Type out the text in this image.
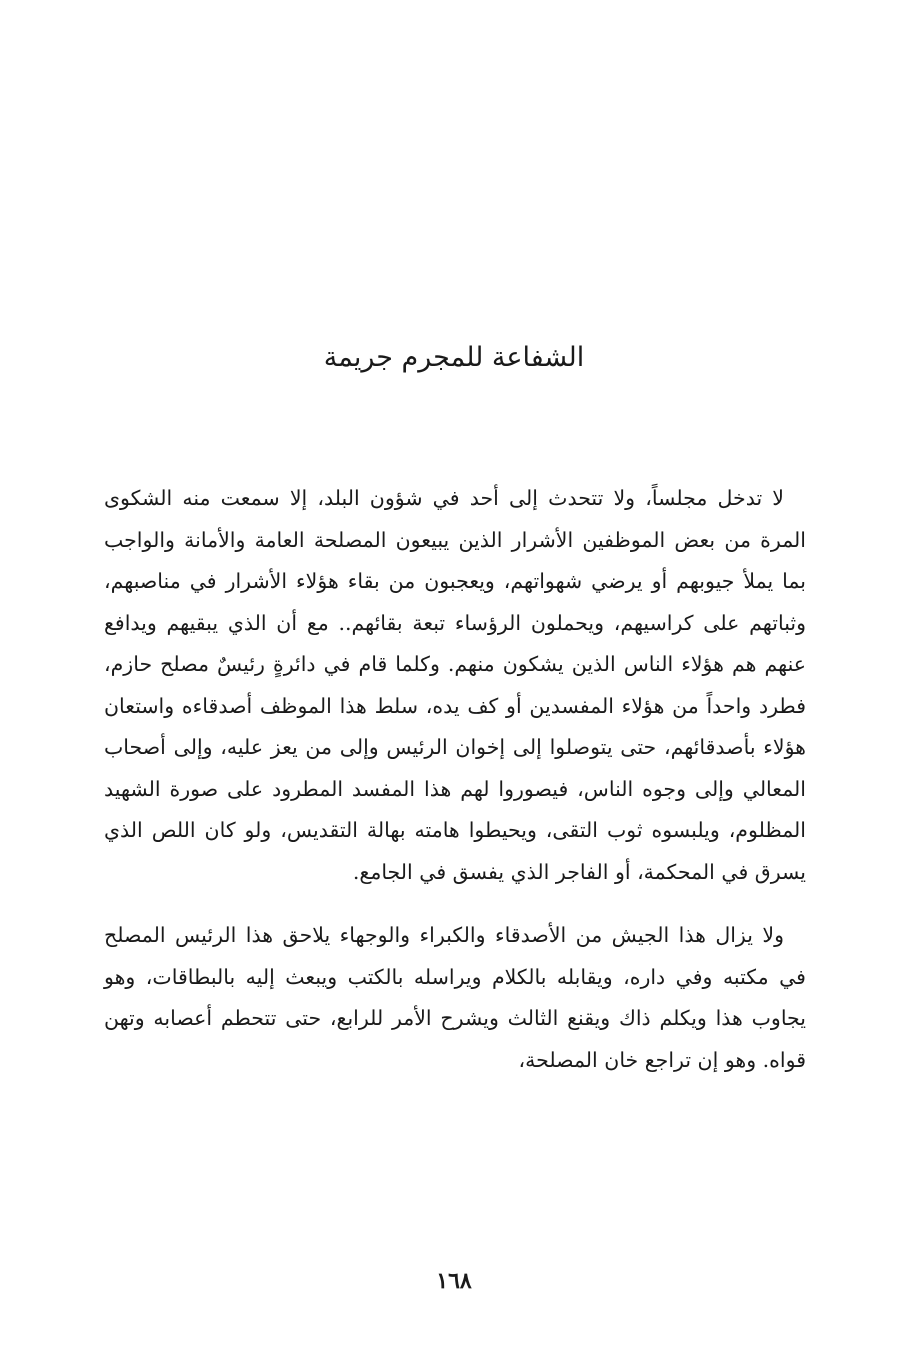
الشفاعة للمجرم جريمة

لا تدخل مجلساً، ولا تتحدث إلى أحد في شؤون البلد، إلا سمعت منه الشكوى المرة من بعض الموظفين الأشرار الذين يبيعون المصلحة العامة والأمانة والواجب بما يملأ جيوبهم أو يرضي شهواتهم، ويعجبون من بقاء هؤلاء الأشرار في مناصبهم، وثباتهم على كراسيهم، ويحملون الرؤساء تبعة بقائهم.. مع أن الذي يبقيهم ويدافع عنهم هم هؤلاء الناس الذين يشكون منهم. وكلما قام في دائرةٍ رئيسٌ مصلح حازم، فطرد واحداً من هؤلاء المفسدين أو كف يده، سلط هذا الموظف أصدقاءه واستعان هؤلاء بأصدقائهم، حتى يتوصلوا إلى إخوان الرئيس وإلى من يعز عليه، وإلى أصحاب المعالي وإلى وجوه الناس، فيصوروا لهم هذا المفسد المطرود على صورة الشهيد المظلوم، ويلبسوه ثوب التقى، ويحيطوا هامته بهالة التقديس، ولو كان اللص الذي يسرق في المحكمة، أو الفاجر الذي يفسق في الجامع.

ولا يزال هذا الجيش من الأصدقاء والكبراء والوجهاء يلاحق هذا الرئيس المصلح في مكتبه وفي داره، ويقابله بالكلام ويراسله بالكتب ويبعث إليه بالبطاقات، وهو يجاوب هذا ويكلم ذاك ويقنع الثالث ويشرح الأمر للرابع، حتى تتحطم أعصابه وتهن قواه. وهو إن تراجع خان المصلحة،

١٦٨
